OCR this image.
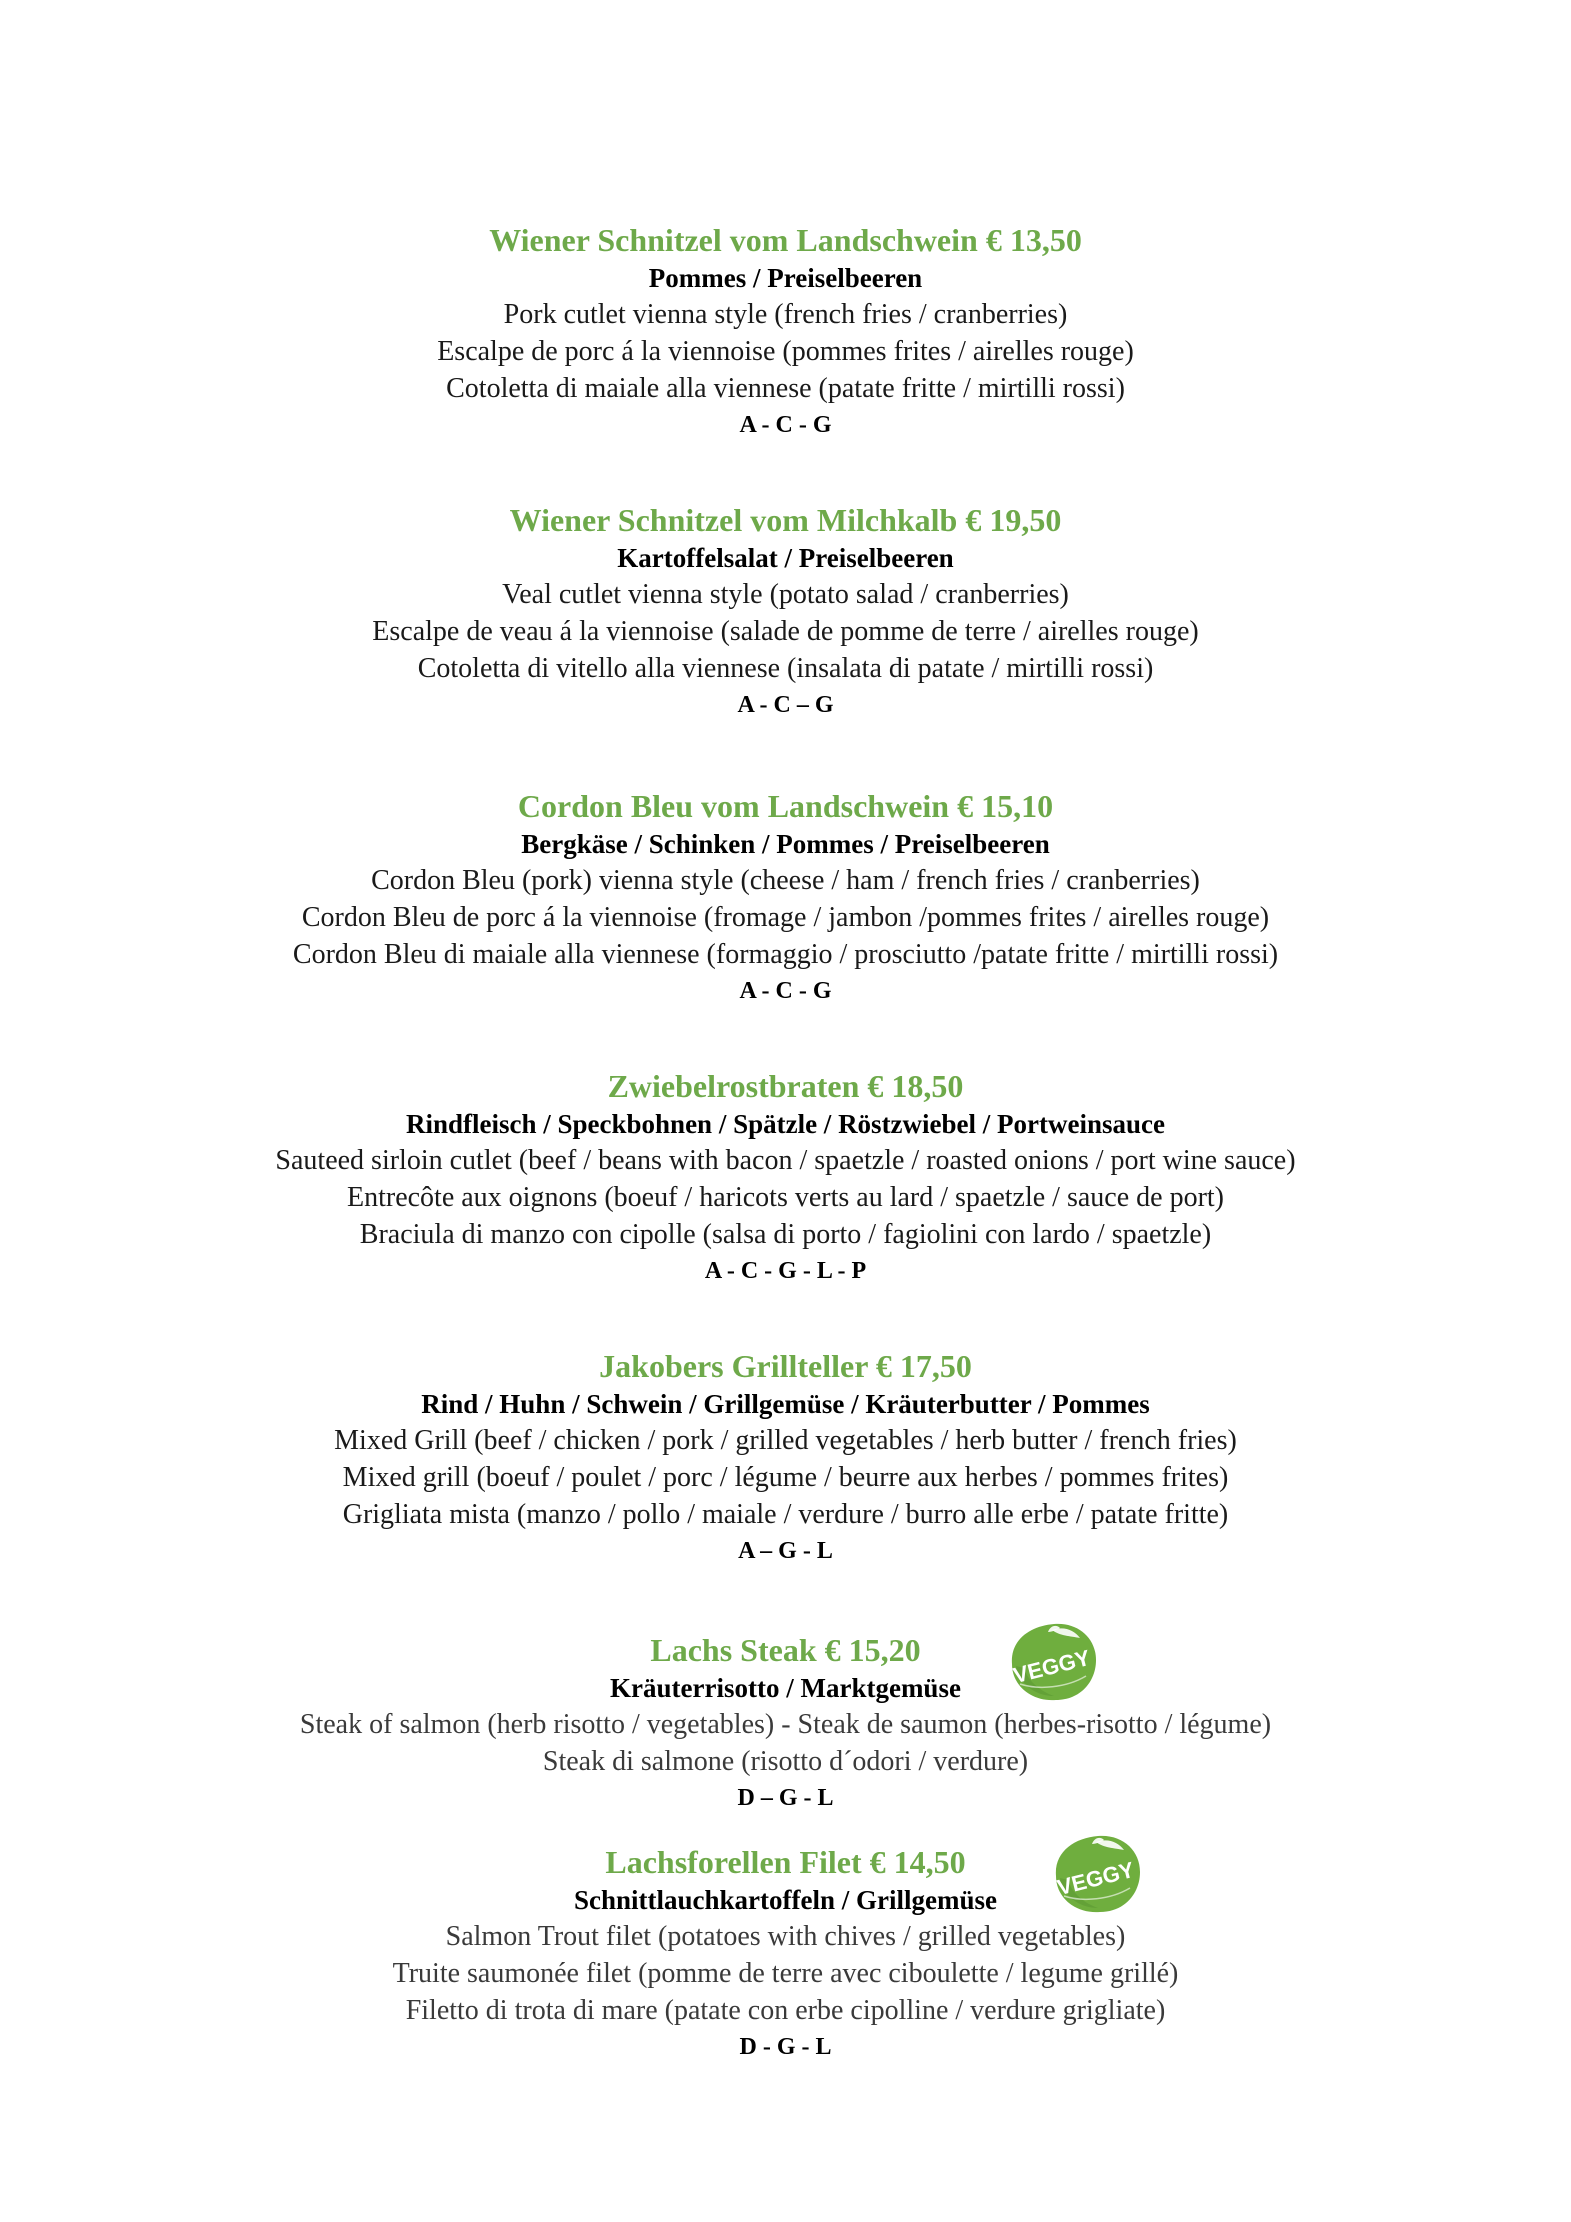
Wiener Schnitzel vom Landschwein € 13,50
Pommes / Preiselbeeren
Pork cutlet vienna style (french fries / cranberries)
Escalpe de porc á la viennoise (pommes frites / airelles rouge)
Cotoletta di maiale alla viennese (patate fritte / mirtilli rossi)
A - C - G
Wiener Schnitzel vom Milchkalb € 19,50
Kartoffelsalat / Preiselbeeren
Veal cutlet vienna style (potato salad / cranberries)
Escalpe de veau á la viennoise (salade de pomme de terre / airelles rouge)
Cotoletta di vitello alla viennese (insalata di patate / mirtilli rossi)
A - C – G
Cordon Bleu vom Landschwein € 15,10
Bergkäse / Schinken / Pommes / Preiselbeeren
Cordon Bleu (pork) vienna style (cheese / ham / french fries / cranberries)
Cordon Bleu de porc á la viennoise (fromage / jambon /pommes frites / airelles rouge)
Cordon Bleu di maiale alla viennese (formaggio / prosciutto /patate fritte / mirtilli rossi)
A - C - G
Zwiebelrostbraten € 18,50
Rindfleisch / Speckbohnen / Spätzle / Röstzwiebel / Portweinsauce
Sauteed sirloin cutlet (beef / beans with bacon / spaetzle / roasted onions / port wine sauce)
Entrecôte aux oignons (boeuf / haricots verts au lard / spaetzle / sauce de port)
Braciula di manzo con cipolle (salsa di porto / fagiolini con lardo / spaetzle)
A - C - G - L - P
Jakobers Grillteller € 17,50
Rind / Huhn / Schwein / Grillgemüse / Kräuterbutter / Pommes
Mixed Grill (beef / chicken / pork / grilled vegetables / herb butter / french fries)
Mixed grill (boeuf / poulet / porc / légume / beurre aux herbes / pommes frites)
Grigliata mista (manzo / pollo / maiale / verdure / burro alle erbe / patate fritte)
A – G - L
Lachs Steak € 15,20
Kräuterrisotto / Marktgemüse
Steak of salmon (herb risotto / vegetables) - Steak de saumon (herbes-risotto / légume)
Steak di salmone (risotto d´odori / verdure)
D – G - L
Lachsforellen Filet € 14,50
Schnittlauchkartoffeln / Grillgemüse
Salmon Trout filet (potatoes with chives / grilled vegetables)
Truite saumonée filet (pomme de terre avec ciboulette / legume grillé)
Filetto di trota di mare (patate con erbe cipolline / verdure grigliate)
D - G - L
